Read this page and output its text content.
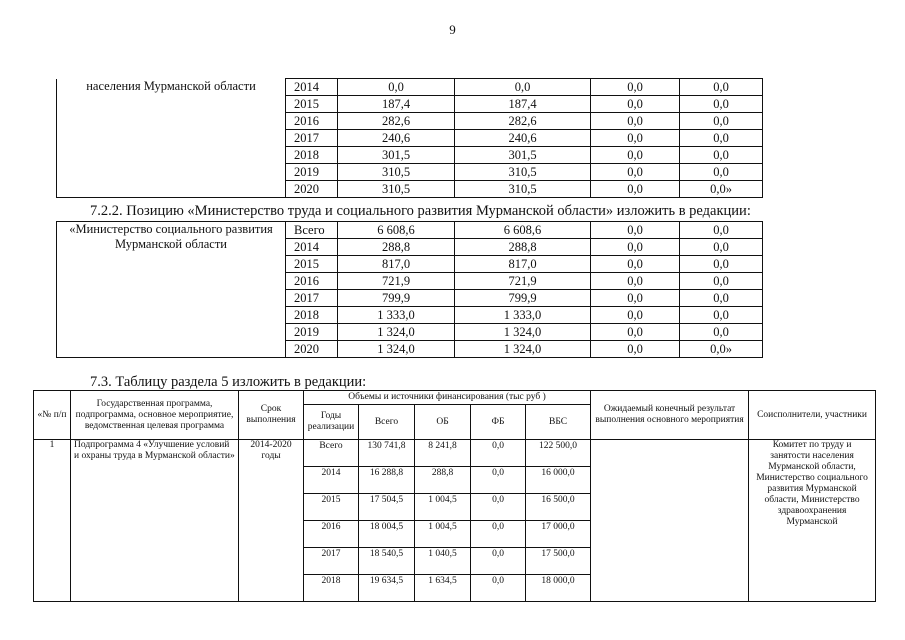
9
населения Мурманской области	2014	0,0	0,0	0,0	0,0
	2015	187,4	187,4	0,0	0,0
	2016	282,6	282,6	0,0	0,0
	2017	240,6	240,6	0,0	0,0
	2018	301,5	301,5	0,0	0,0
	2019	310,5	310,5	0,0	0,0
	2020	310,5	310,5	0,0	0,0»
7.2.2. Позицию «Министерство труда и социального развития Мурманской области» изложить в редакции:
«Министерство социального развития Мурманской области	Всего	6 608,6	6 608,6	0,0	0,0
	2014	288,8	288,8	0,0	0,0
	2015	817,0	817,0	0,0	0,0
	2016	721,9	721,9	0,0	0,0
	2017	799,9	799,9	0,0	0,0
	2018	1 333,0	1 333,0	0,0	0,0
	2019	1 324,0	1 324,0	0,0	0,0
	2020	1 324,0	1 324,0	0,0	0,0»
7.3. Таблицу раздела 5 изложить в редакции:
«№ п/п	Государственная программа, подпрограмма, основное мероприятие, ведомственная целевая программа	Срок выполнения	Объемы и источники финансирования (тыс руб )					Ожидаемый конечный результат выполнения основного мероприятия	Соисполнители, участники
			Годы реализации	Всего	ОБ	ФБ	ВБС		
1	Подпрограмма 4 «Улучшение условий и охраны труда в Мурманской области»	2014-2020 годы	Всего	130 741,8	8 241,8	0,0	122 500,0		Комитет по труду и занятости населения Мурманской области, Министерство социального развития Мурманской области, Министерство здравоохранения Мурманской
			2014	16 288,8	288,8	0,0	16 000,0		
			2015	17 504,5	1 004,5	0,0	16 500,0		
			2016	18 004,5	1 004,5	0,0	17 000,0		
			2017	18 540,5	1 040,5	0,0	17 500,0		
			2018	19 634,5	1 634,5	0,0	18 000,0		
